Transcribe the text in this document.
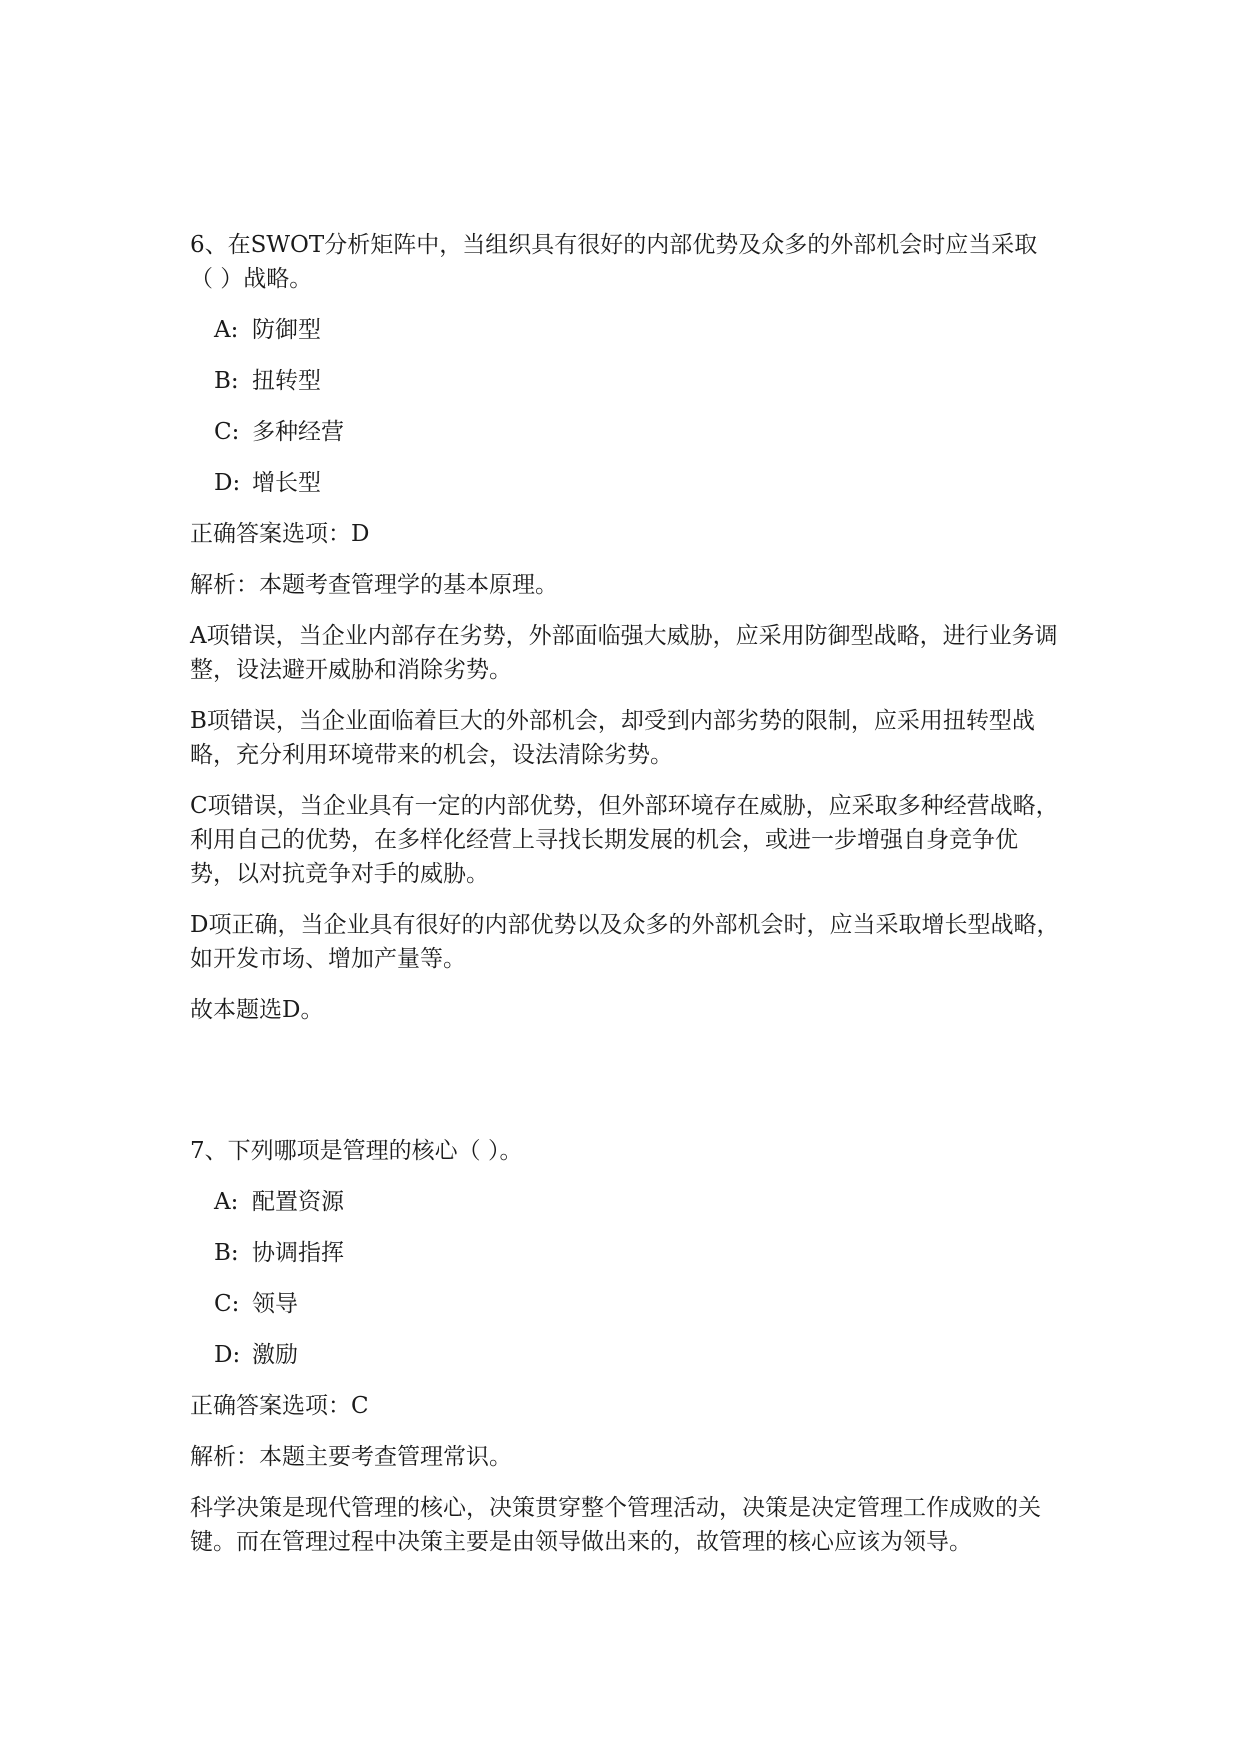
6、在SWOT分析矩阵中，当组织具有很好的内部优势及众多的外部机会时应当采取（ ）战略。

A: 防御型
B: 扭转型
C: 多种经营
D: 增长型

正确答案选项：D

解析：本题考查管理学的基本原理。

A项错误，当企业内部存在劣势，外部面临强大威胁，应采用防御型战略，进行业务调整，设法避开威胁和消除劣势。

B项错误，当企业面临着巨大的外部机会，却受到内部劣势的限制，应采用扭转型战略，充分利用环境带来的机会，设法清除劣势。

C项错误，当企业具有一定的内部优势，但外部环境存在威胁，应采取多种经营战略，利用自己的优势，在多样化经营上寻找长期发展的机会，或进一步增强自身竞争优势，以对抗竞争对手的威胁。

D项正确，当企业具有很好的内部优势以及众多的外部机会时，应当采取增长型战略，如开发市场、增加产量等。

故本题选D。

7、下列哪项是管理的核心（ ）。

A: 配置资源
B: 协调指挥
C: 领导
D: 激励

正确答案选项：C

解析：本题主要考查管理常识。

科学决策是现代管理的核心，决策贯穿整个管理活动，决策是决定管理工作成败的关键。而在管理过程中决策主要是由领导做出来的，故管理的核心应该为领导。
